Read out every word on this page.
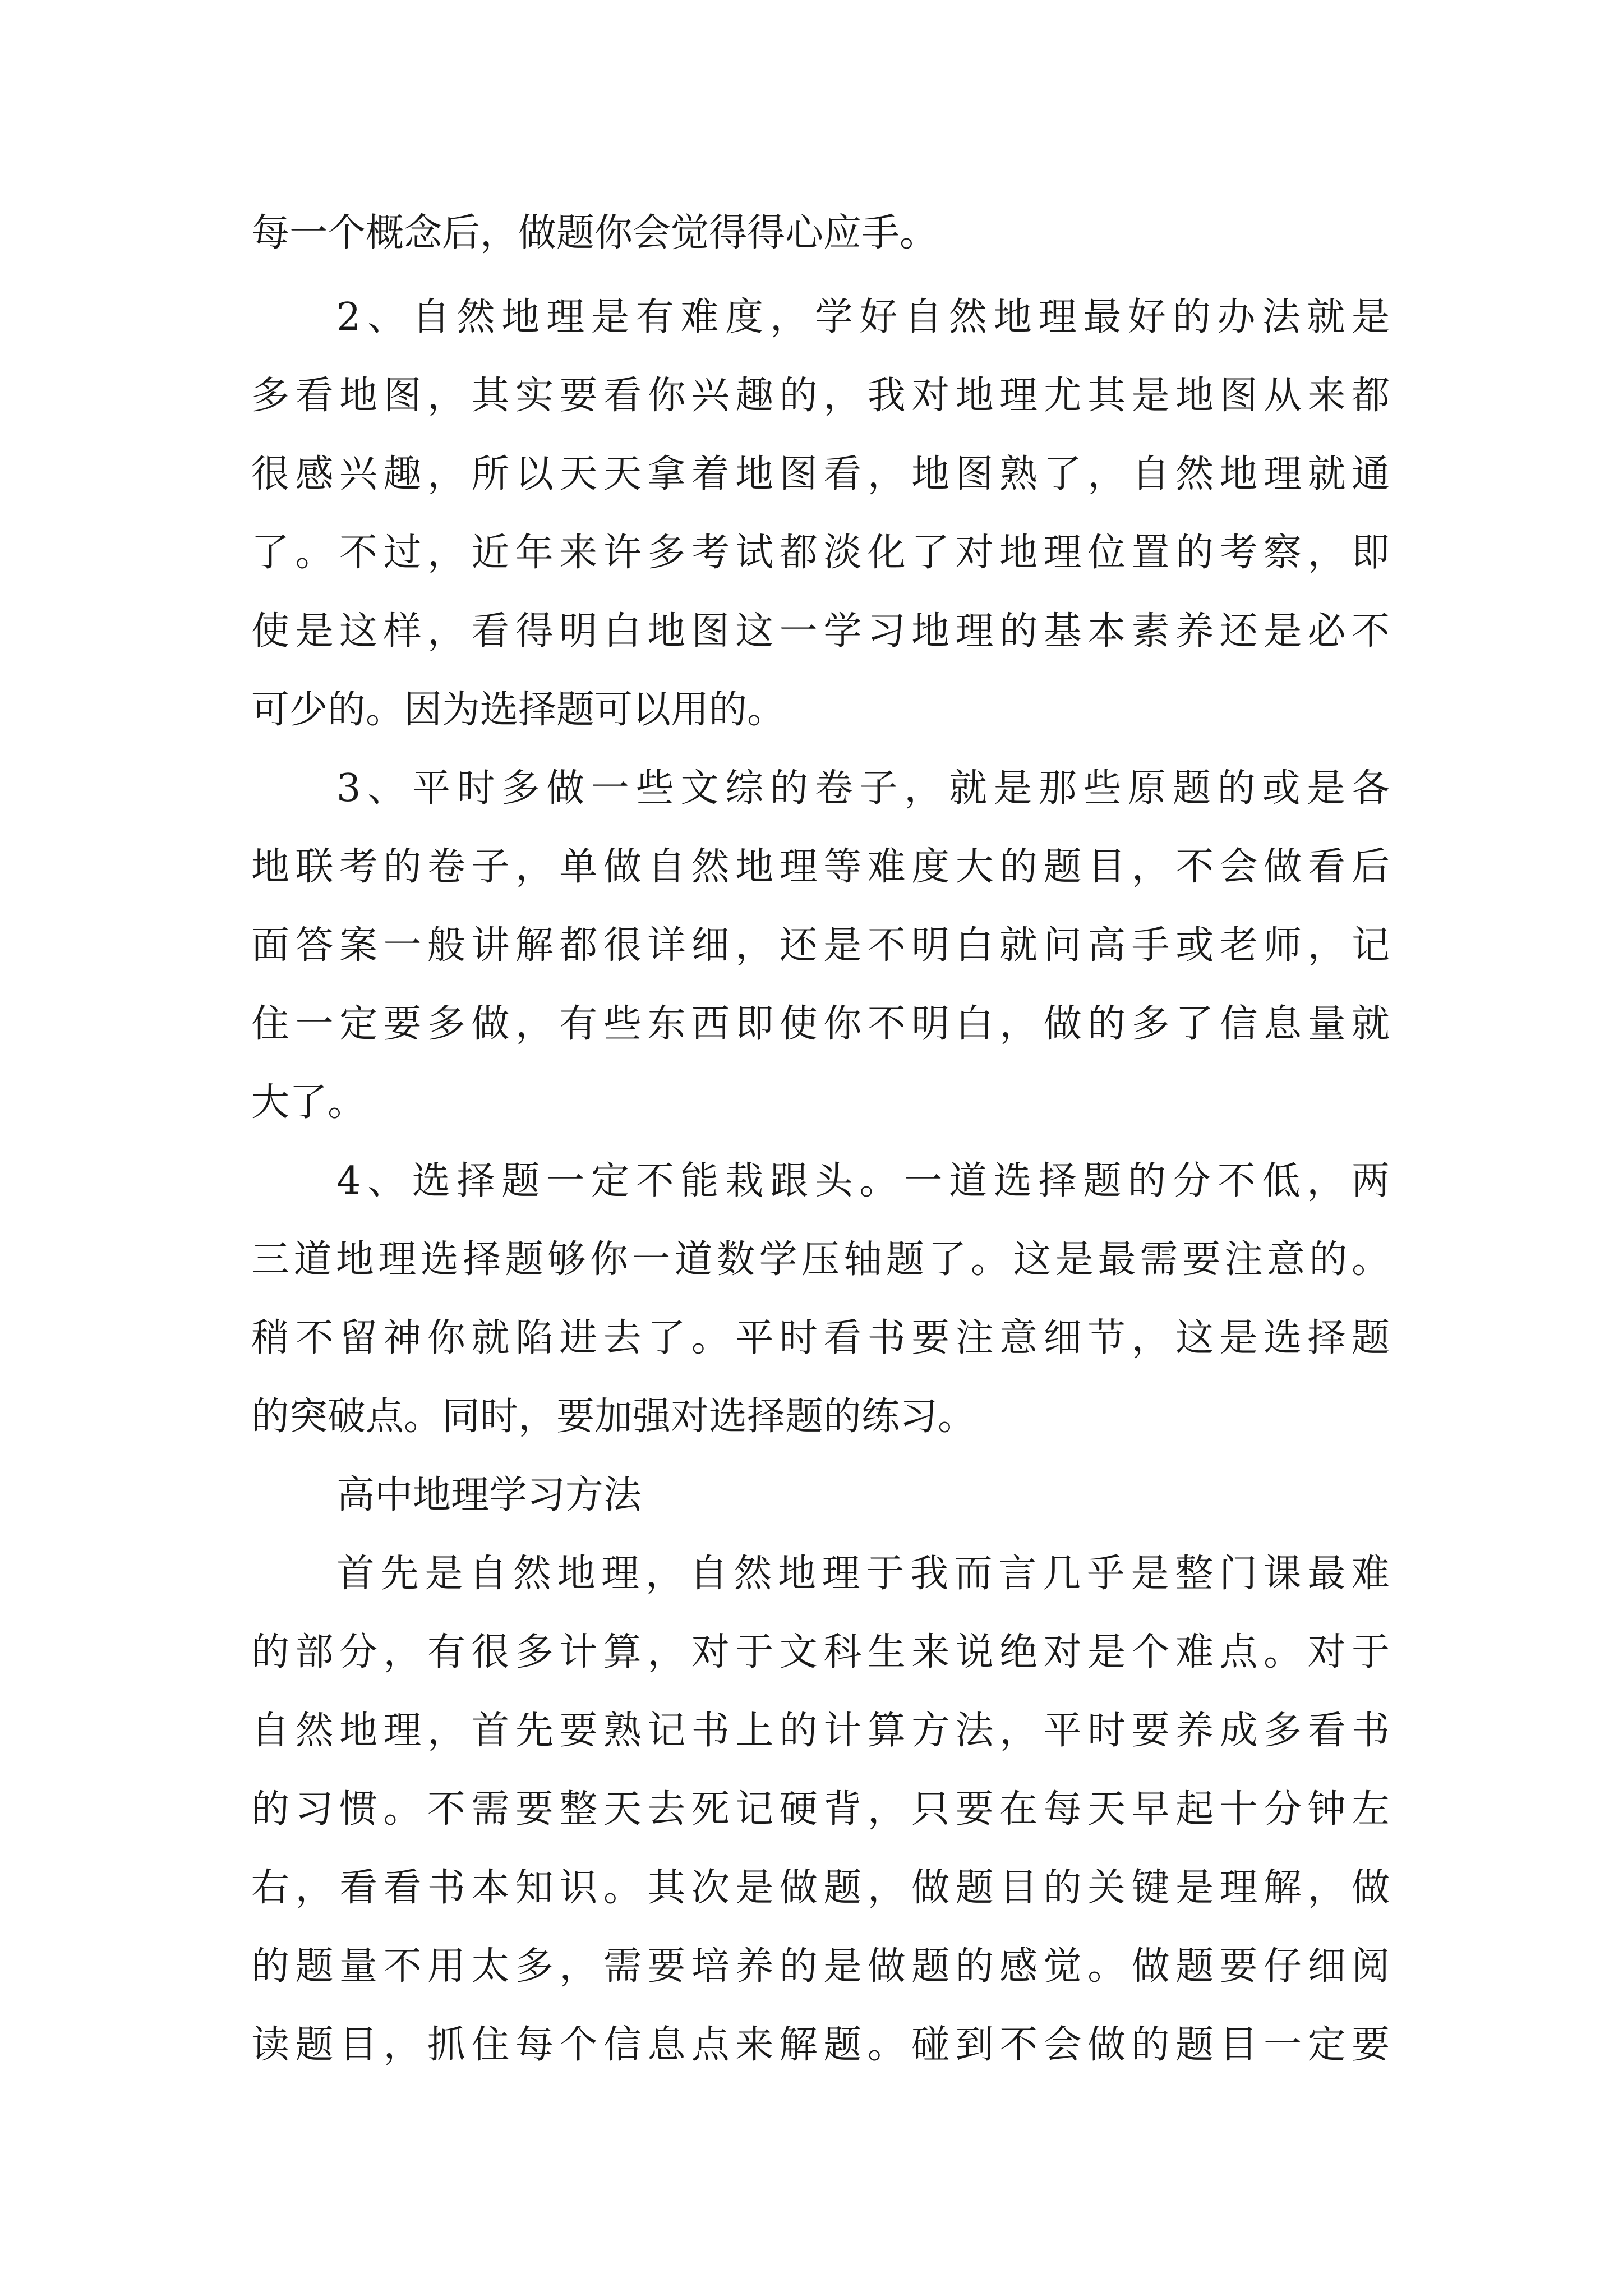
每一个概念后，做题你会觉得得心应手。
2、自然地理是有难度，学好自然地理最好的办法就是
多看地图，其实要看你兴趣的，我对地理尤其是地图从来都
很感兴趣，所以天天拿着地图看，地图熟了，自然地理就通
了。不过，近年来许多考试都淡化了对地理位置的考察，即
使是这样，看得明白地图这一学习地理的基本素养还是必不
可少的。因为选择题可以用的。
3、平时多做一些文综的卷子，就是那些原题的或是各
地联考的卷子，单做自然地理等难度大的题目，不会做看后
面答案一般讲解都很详细，还是不明白就问高手或老师，记
住一定要多做，有些东西即使你不明白，做的多了信息量就
大了。
4、选择题一定不能栽跟头。一道选择题的分不低，两
三道地理选择题够你一道数学压轴题了。这是最需要注意的。
稍不留神你就陷进去了。平时看书要注意细节，这是选择题
的突破点。同时，要加强对选择题的练习。
高中地理学习方法
首先是自然地理，自然地理于我而言几乎是整门课最难
的部分，有很多计算，对于文科生来说绝对是个难点。对于
自然地理，首先要熟记书上的计算方法，平时要养成多看书
的习惯。不需要整天去死记硬背，只要在每天早起十分钟左
右，看看书本知识。其次是做题，做题目的关键是理解，做
的题量不用太多，需要培养的是做题的感觉。做题要仔细阅
读题目，抓住每个信息点来解题。碰到不会做的题目一定要
